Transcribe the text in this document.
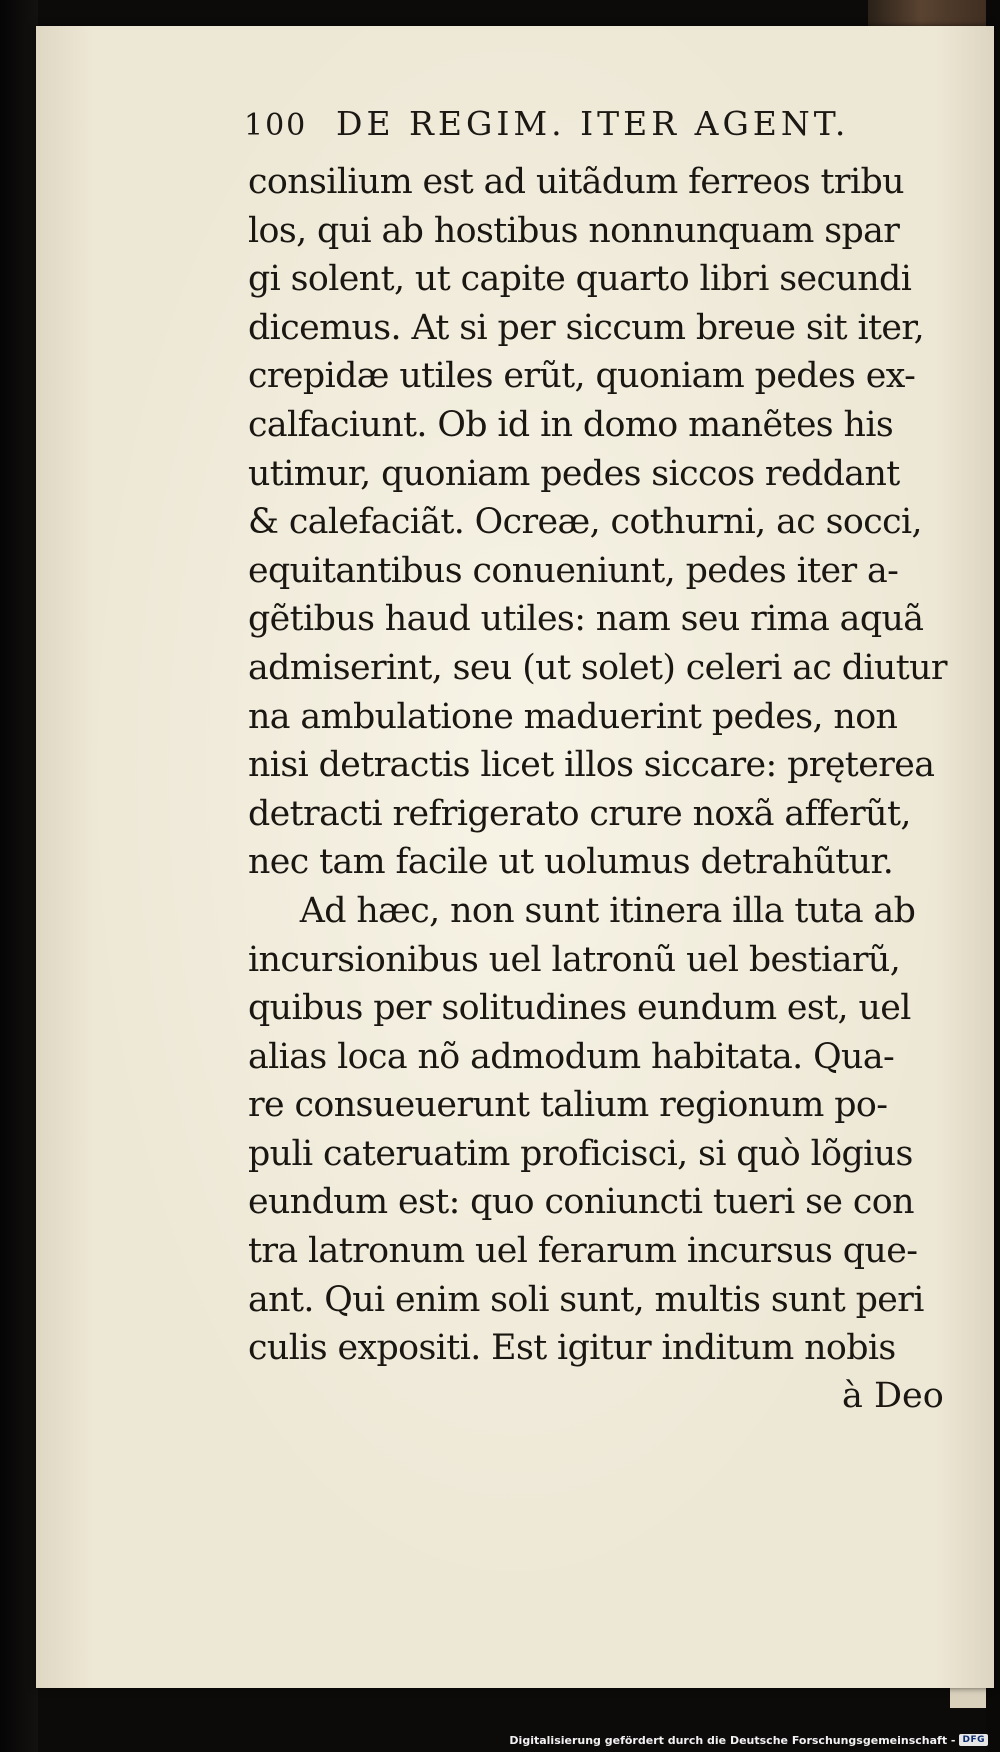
100 DE REGIM. ITER AGENT.
consilium est ad uitãdum ferreos tribu
los, qui ab hostibus nonnunquam spar
gi solent, ut capite quarto libri secundi
dicemus. At si per siccum breue sit iter,
crepidæ utiles erũt, quoniam pedes ex-
calfaciunt. Ob id in domo manẽtes his
utimur, quoniam pedes siccos reddant
& calefaciãt. Ocreæ, cothurni, ac socci,
equitantibus conueniunt, pedes iter a-
gẽtibus haud utiles: nam seu rima aquã
admiserint, seu (ut solet) celeri ac diutur
na ambulatione maduerint pedes, non
nisi detractis licet illos siccare: pręterea
detracti refrigerato crure noxã afferũt,
nec tam facile ut uolumus detrahũtur.
Ad hæc, non sunt itinera illa tuta ab
incursionibus uel latronũ uel bestiarũ,
quibus per solitudines eundum est, uel
alias loca nõ admodum habitata. Qua-
re consueuerunt talium regionum po-
puli cateruatim proficisci, si quò lõgius
eundum est: quo coniuncti tueri se con
tra latronum uel ferarum incursus que-
ant. Qui enim soli sunt, multis sunt peri
culis expositi. Est igitur inditum nobis
à Deo
Digitalisierung gefördert durch die Deutsche Forschungsgemeinschaft - DFG
